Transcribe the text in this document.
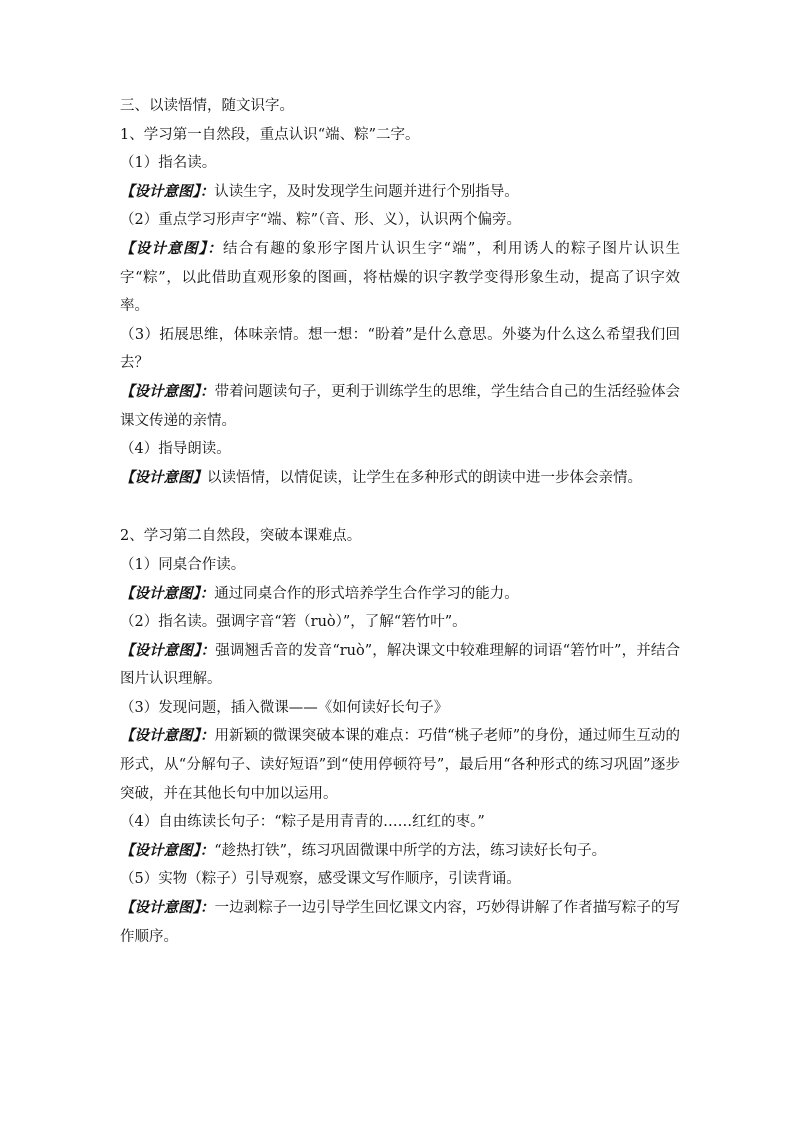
三、以读悟情，随文识字。

1、学习第一自然段，重点认识“端、粽”二字。

（1）指名读。

【设计意图】：认读生字，及时发现学生问题并进行个别指导。

（2）重点学习形声字“端、粽”（音、形、义），认识两个偏旁。

【设计意图】：结合有趣的象形字图片认识生字“端”，利用诱人的粽子图片认识生字“粽”，以此借助直观形象的图画，将枯燥的识字教学变得形象生动，提高了识字效率。

（3）拓展思维，体味亲情。想一想：“盼着”是什么意思。外婆为什么这么希望我们回去？

【设计意图】：带着问题读句子，更利于训练学生的思维，学生结合自己的生活经验体会课文传递的亲情。

（4）指导朗读。

【设计意图】以读悟情，以情促读，让学生在多种形式的朗读中进一步体会亲情。

2、学习第二自然段，突破本课难点。

（1）同桌合作读。

【设计意图】：通过同桌合作的形式培养学生合作学习的能力。

（2）指名读。强调字音“箬（ruò）”，了解“箬竹叶”。

【设计意图】：强调翘舌音的发音“ruò”，解决课文中较难理解的词语“箬竹叶”，并结合图片认识理解。

（3）发现问题，插入微课——《如何读好长句子》

【设计意图】：用新颖的微课突破本课的难点：巧借“桃子老师”的身份，通过师生互动的形式，从“分解句子、读好短语”到“使用停顿符号”，最后用“各种形式的练习巩固”逐步突破，并在其他长句中加以运用。

（4）自由练读长句子：“粽子是用青青的……红红的枣。”

【设计意图】：“趁热打铁”，练习巩固微课中所学的方法，练习读好长句子。

（5）实物（粽子）引导观察，感受课文写作顺序，引读背诵。

【设计意图】：一边剥粽子一边引导学生回忆课文内容，巧妙得讲解了作者描写粽子的写作顺序。
